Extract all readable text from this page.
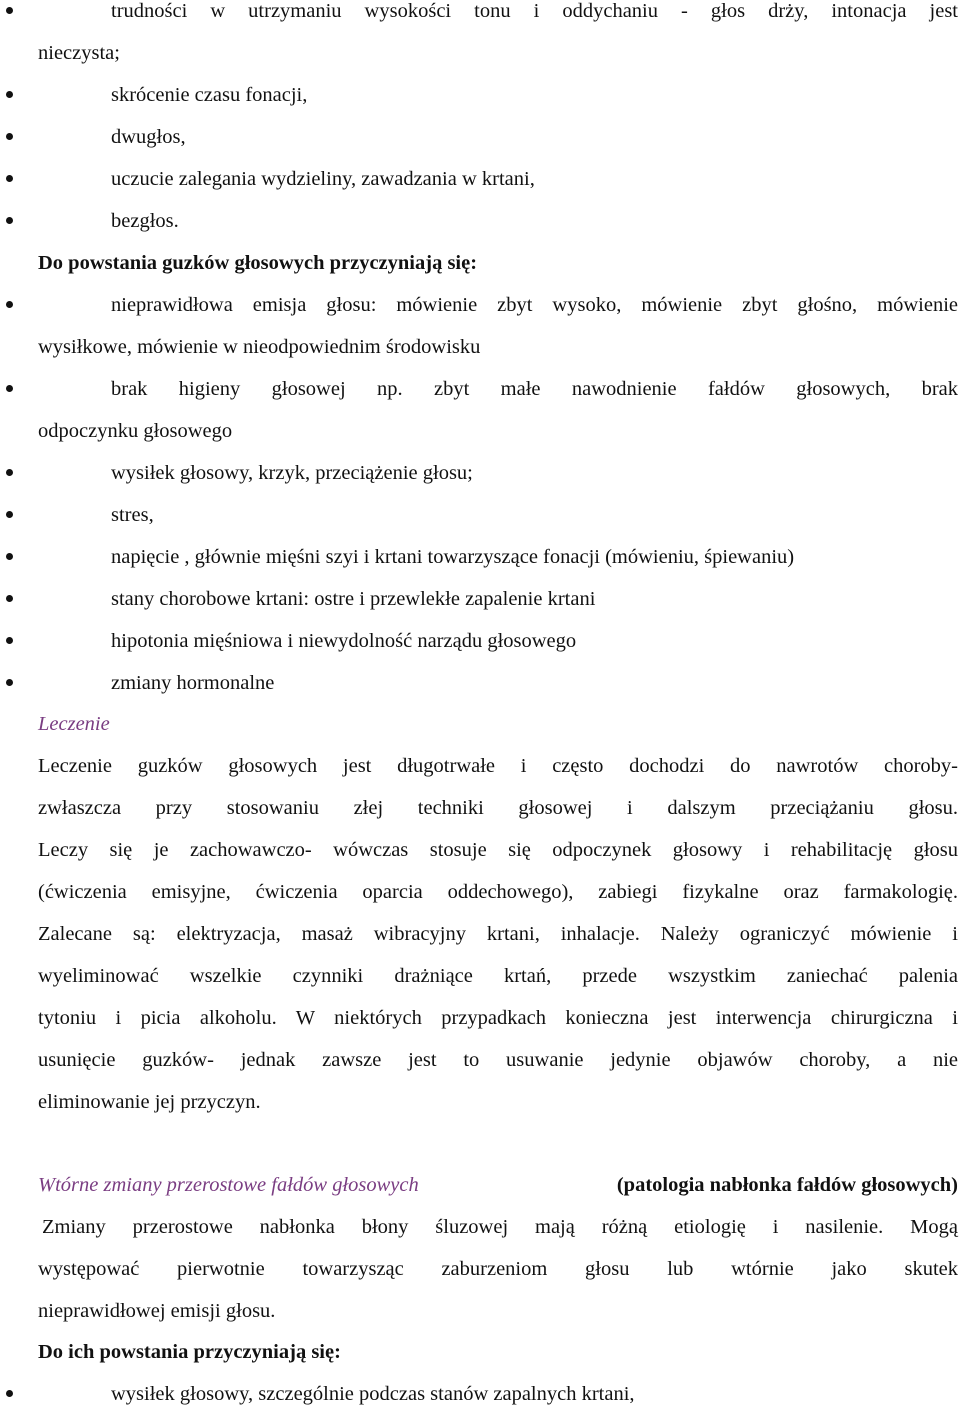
trudności w utrzymaniu wysokości tonu i oddychaniu - głos drży, intonacja jest
nieczysta;
skrócenie czasu fonacji,
dwugłos,
uczucie zalegania wydzieliny, zawadzania w krtani,
bezgłos.
Do powstania guzków głosowych przyczyniają się:
nieprawidłowa emisja głosu: mówienie zbyt wysoko, mówienie zbyt głośno, mówienie
wysiłkowe, mówienie w nieodpowiednim środowisku
brak higieny głosowej np. zbyt małe nawodnienie fałdów głosowych, brak
odpoczynku głosowego
wysiłek głosowy, krzyk, przeciążenie głosu;
stres,
napięcie , głównie mięśni szyi i krtani towarzyszące fonacji (mówieniu, śpiewaniu)
stany chorobowe krtani: ostre i przewlekłe zapalenie krtani
hipotonia mięśniowa i niewydolność narządu głosowego
zmiany hormonalne
Leczenie
Leczenie guzków głosowych jest długotrwałe i często dochodzi do nawrotów choroby-
zwłaszcza przy stosowaniu złej techniki głosowej i dalszym przeciążaniu głosu.
Leczy się je zachowawczo- wówczas stosuje się odpoczynek głosowy i rehabilitację głosu
(ćwiczenia emisyjne, ćwiczenia oparcia oddechowego), zabiegi fizykalne oraz farmakologię.
Zalecane są: elektryzacja, masaż wibracyjny krtani, inhalacje. Należy ograniczyć mówienie i
wyeliminować wszelkie czynniki drażniące krtań, przede wszystkim zaniechać palenia
tytoniu i picia alkoholu. W niektórych przypadkach konieczna jest interwencja chirurgiczna i
usunięcie guzków- jednak zawsze jest to usuwanie jedynie objawów choroby, a nie
eliminowanie jej przyczyn.
Wtórne zmiany przerostowe fałdów głosowych	(patologia nabłonka fałdów głosowych)
Zmiany przerostowe nabłonka błony śluzowej mają różną etiologię i nasilenie. Mogą
występować pierwotnie towarzysząc zaburzeniom głosu lub wtórnie jako skutek
nieprawidłowej emisji głosu.
Do ich powstania przyczyniają się:
wysiłek głosowy, szczególnie podczas stanów zapalnych krtani,
